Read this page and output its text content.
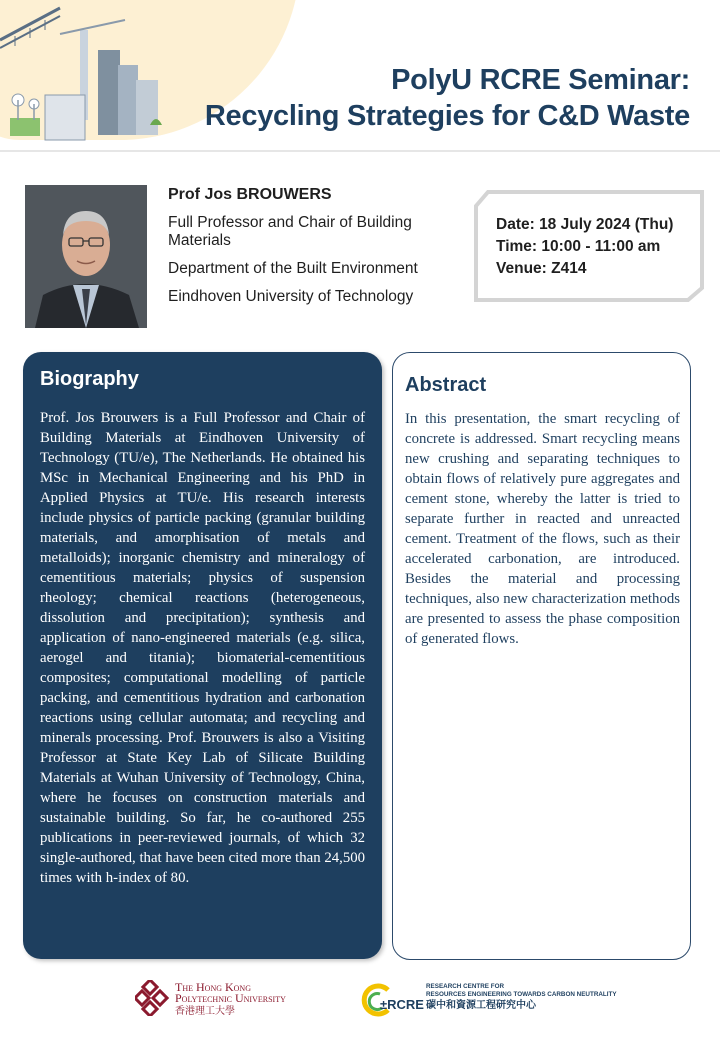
PolyU RCRE Seminar:
Recycling Strategies for C&D Waste
Prof Jos BROUWERS
Full Professor and Chair of Building Materials
Department of the Built Environment
Eindhoven University of Technology
Date: 18 July 2024 (Thu)
Time: 10:00 - 11:00 am
Venue: Z414
Biography

Prof. Jos Brouwers is a Full Professor and Chair of Building Materials at Eindhoven University of Technology (TU/e), The Netherlands. He obtained his MSc in Mechanical Engineering and his PhD in Applied Physics at TU/e. His research interests include physics of particle packing (granular building materials, and amorphisation of metals and metalloids); inorganic chemistry and mineralogy of cementitious materials; physics of suspension rheology; chemical reactions (heterogeneous, dissolution and precipitation); synthesis and application of nano-engineered materials (e.g. silica, aerogel and titania); biomaterial-cementitious composites; computational modelling of particle packing, and cementitious hydration and carbonation reactions using cellular automata; and recycling and minerals processing. Prof. Brouwers is also a Visiting Professor at State Key Lab of Silicate Building Materials at Wuhan University of Technology, China, where he focuses on construction materials and sustainable building. So far, he co-authored 255 publications in peer-reviewed journals, of which 32 single-authored, that have been cited more than 24,500 times with h-index of 80.

Abstract

In this presentation, the smart recycling of concrete is addressed. Smart recycling means new crushing and separating techniques to obtain flows of relatively pure aggregates and cement stone, whereby the latter is tried to separate further in reacted and unreacted cement. Treatment of the flows, such as their accelerated carbonation, are introduced. Besides the material and processing techniques, also new characterization methods are presented to assess the phase composition of generated flows.

The Hong Kong
Polytechnic University
香港理工大學	±RCRE
RESEARCH CENTRE FOR
RESOURCES ENGINEERING TOWARDS CARBON NEUTRALITY
碳中和資源工程研究中心
